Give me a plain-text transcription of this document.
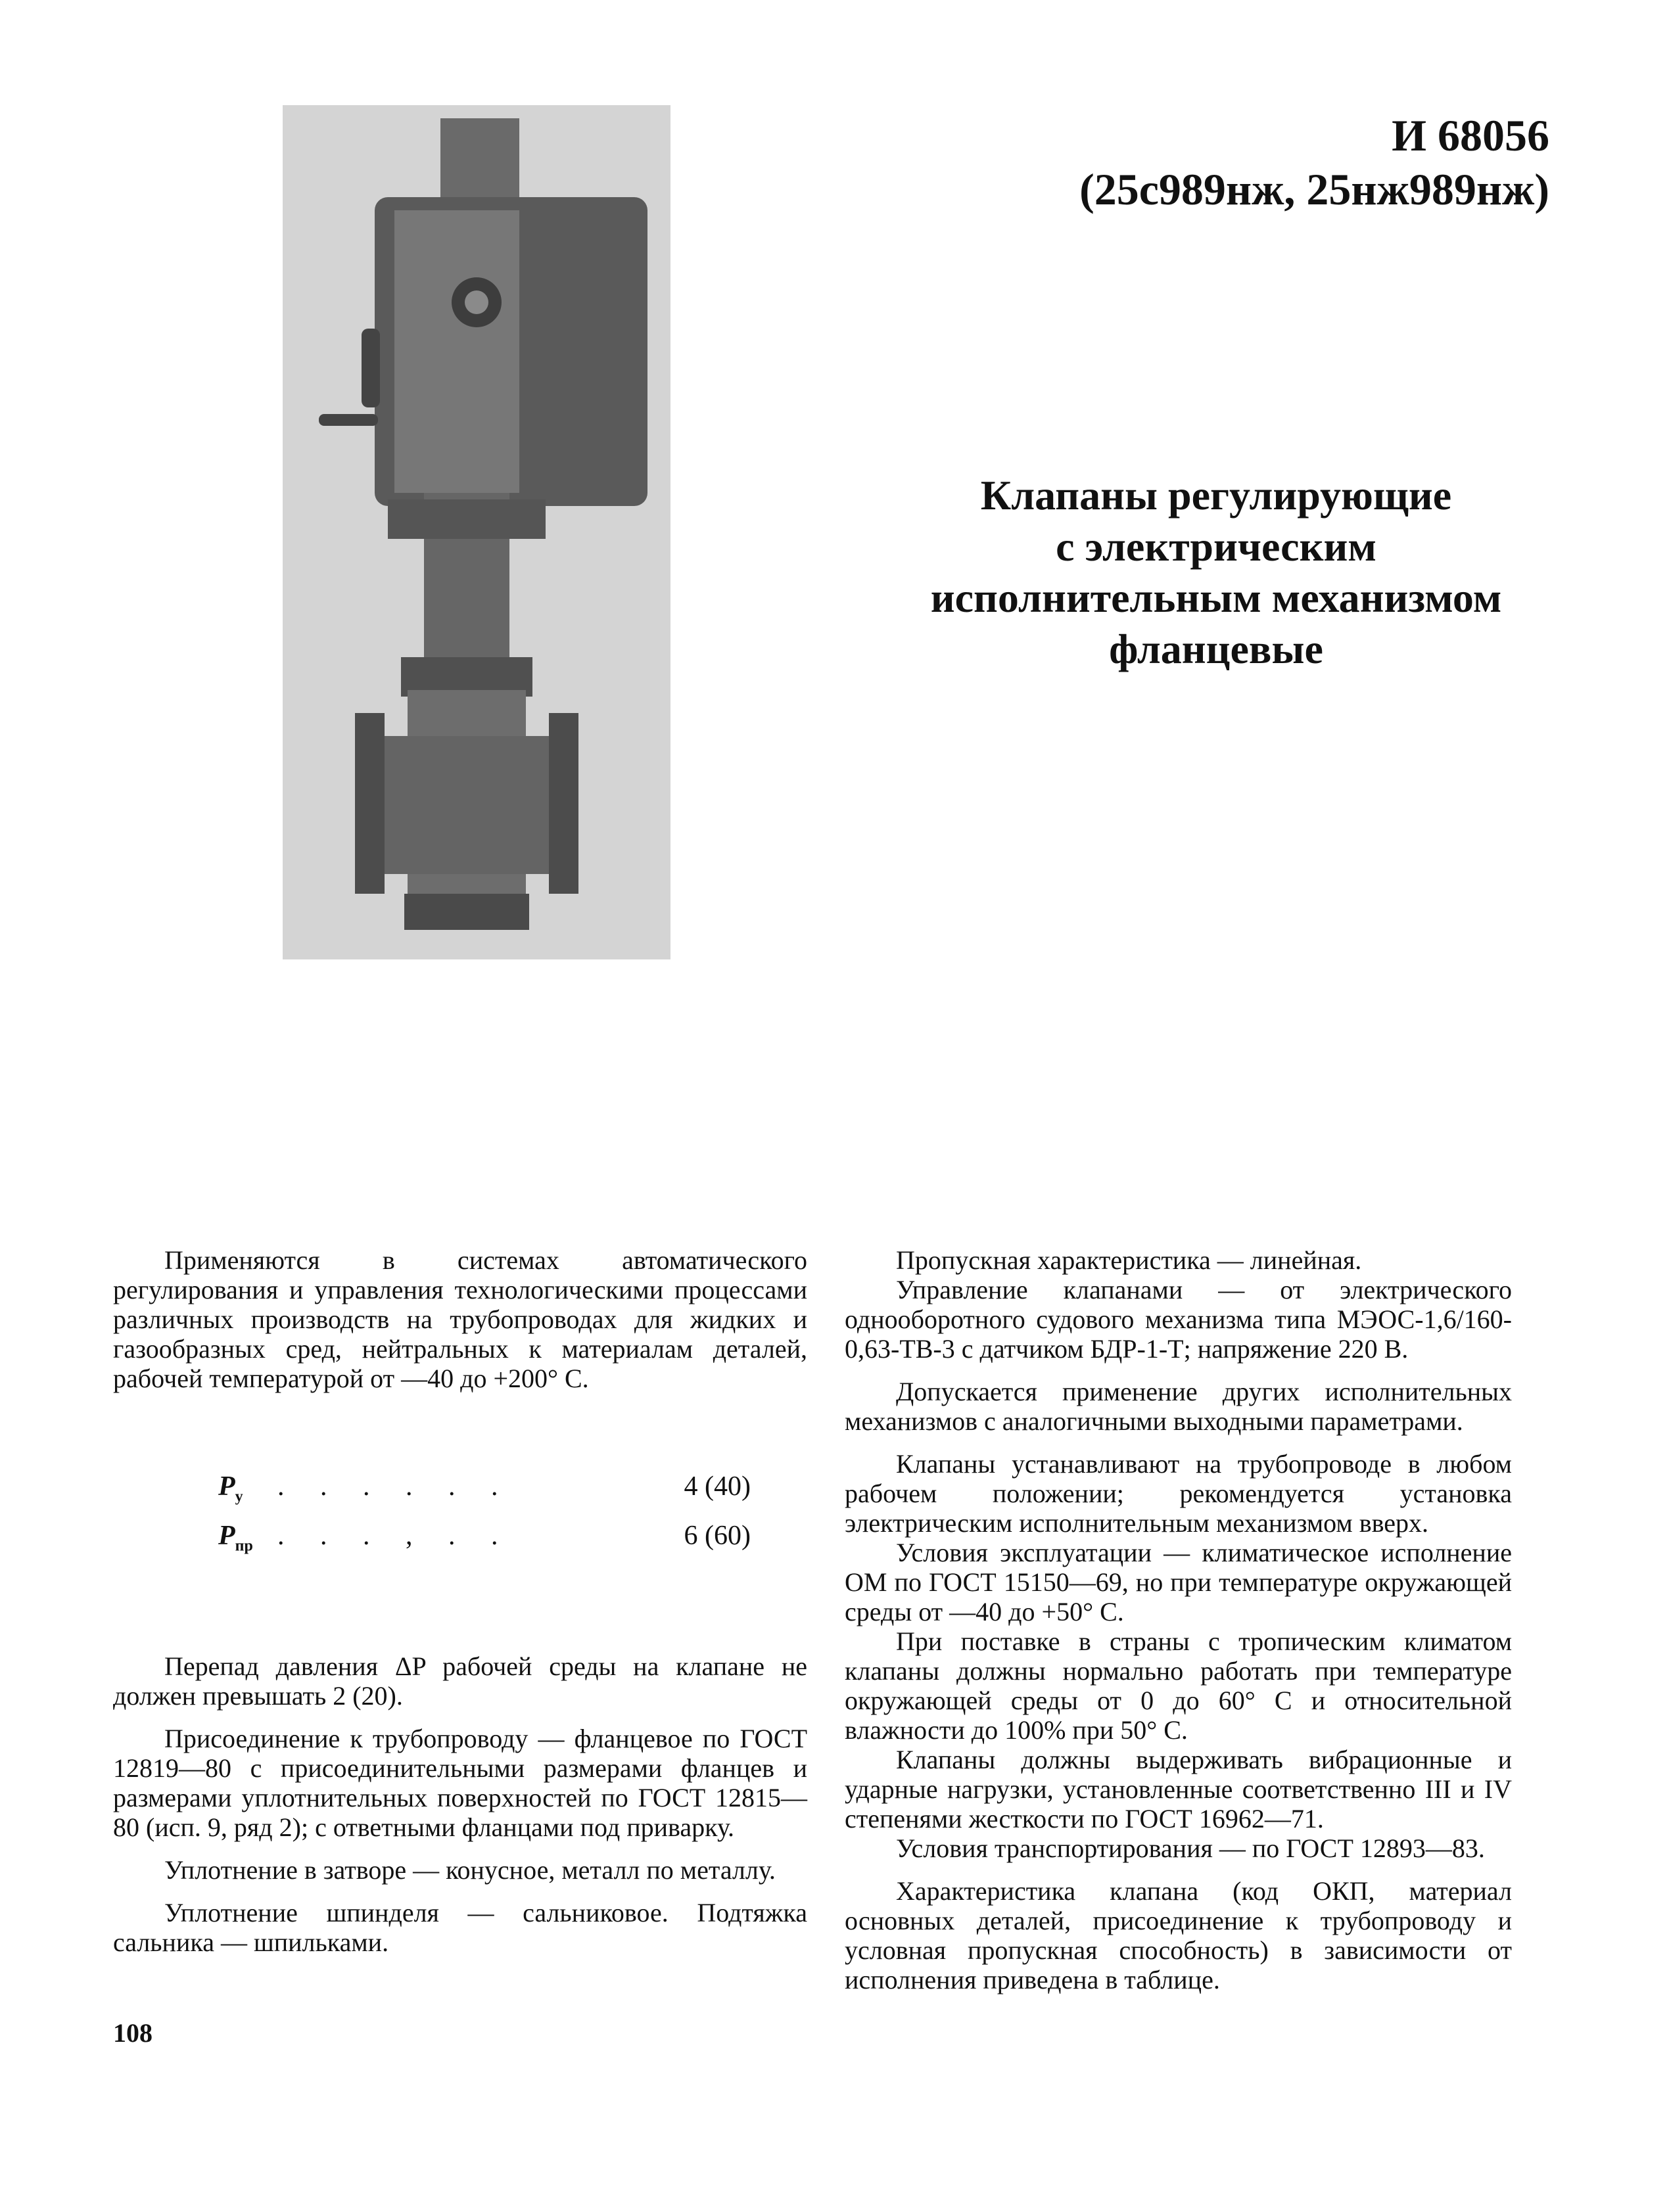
И 68056
(25с989нж, 25нж989нж)
Клапаны регулирующие
с электрическим
исполнительным механизмом
фланцевые

Применяются в системах автоматического регулирования и управления технологическими процессами различных производств на трубопроводах для жидких и газообразных сред, нейтральных к материалам деталей, рабочей температурой от —40 до +200° С.

$P_у$	. . . . . .	4 (40)
$P_{пр}$ . . . , . .	6 (60)

Перепад давления ΔP рабочей среды на клапане не должен превышать 2 (20).

Присоединение к трубопроводу — фланцевое по ГОСТ 12819—80 с присоединительными размерами фланцев и размерами уплотнительных поверхностей по ГОСТ 12815—80 (исп. 9, ряд 2); с ответными фланцами под приварку.

Уплотнение в затворе — конусное, металл по металлу.

Уплотнение шпинделя — сальниковое. Подтяжка сальника — шпильками.

Пропускная характеристика — линейная.

Управление клапанами — от электрического однооборотного судового механизма типа МЭОС-1,6/160-0,63-ТВ-3 с датчиком БДР-1-Т; напряжение 220 В.

Допускается применение других исполнительных механизмов с аналогичными выходными параметрами.

Клапаны устанавливают на трубопроводе в любом рабочем положении; рекомендуется установка электрическим исполнительным механизмом вверх.

Условия эксплуатации — климатическое исполнение ОМ по ГОСТ 15150—69, но при температуре окружающей среды от —40 до +50° С.

При поставке в страны с тропическим климатом клапаны должны нормально работать при температуре окружающей среды от 0 до 60° С и относительной влажности до 100% при 50° С.

Клапаны должны выдерживать вибрационные и ударные нагрузки, установленные соответственно III и IV степенями жесткости по ГОСТ 16962—71.

Условия транспортирования — по ГОСТ 12893—83.

Характеристика клапана (код ОКП, материал основных деталей, присоединение к трубопроводу и условная пропускная способность) в зависимости от исполнения приведена в таблице.

108
